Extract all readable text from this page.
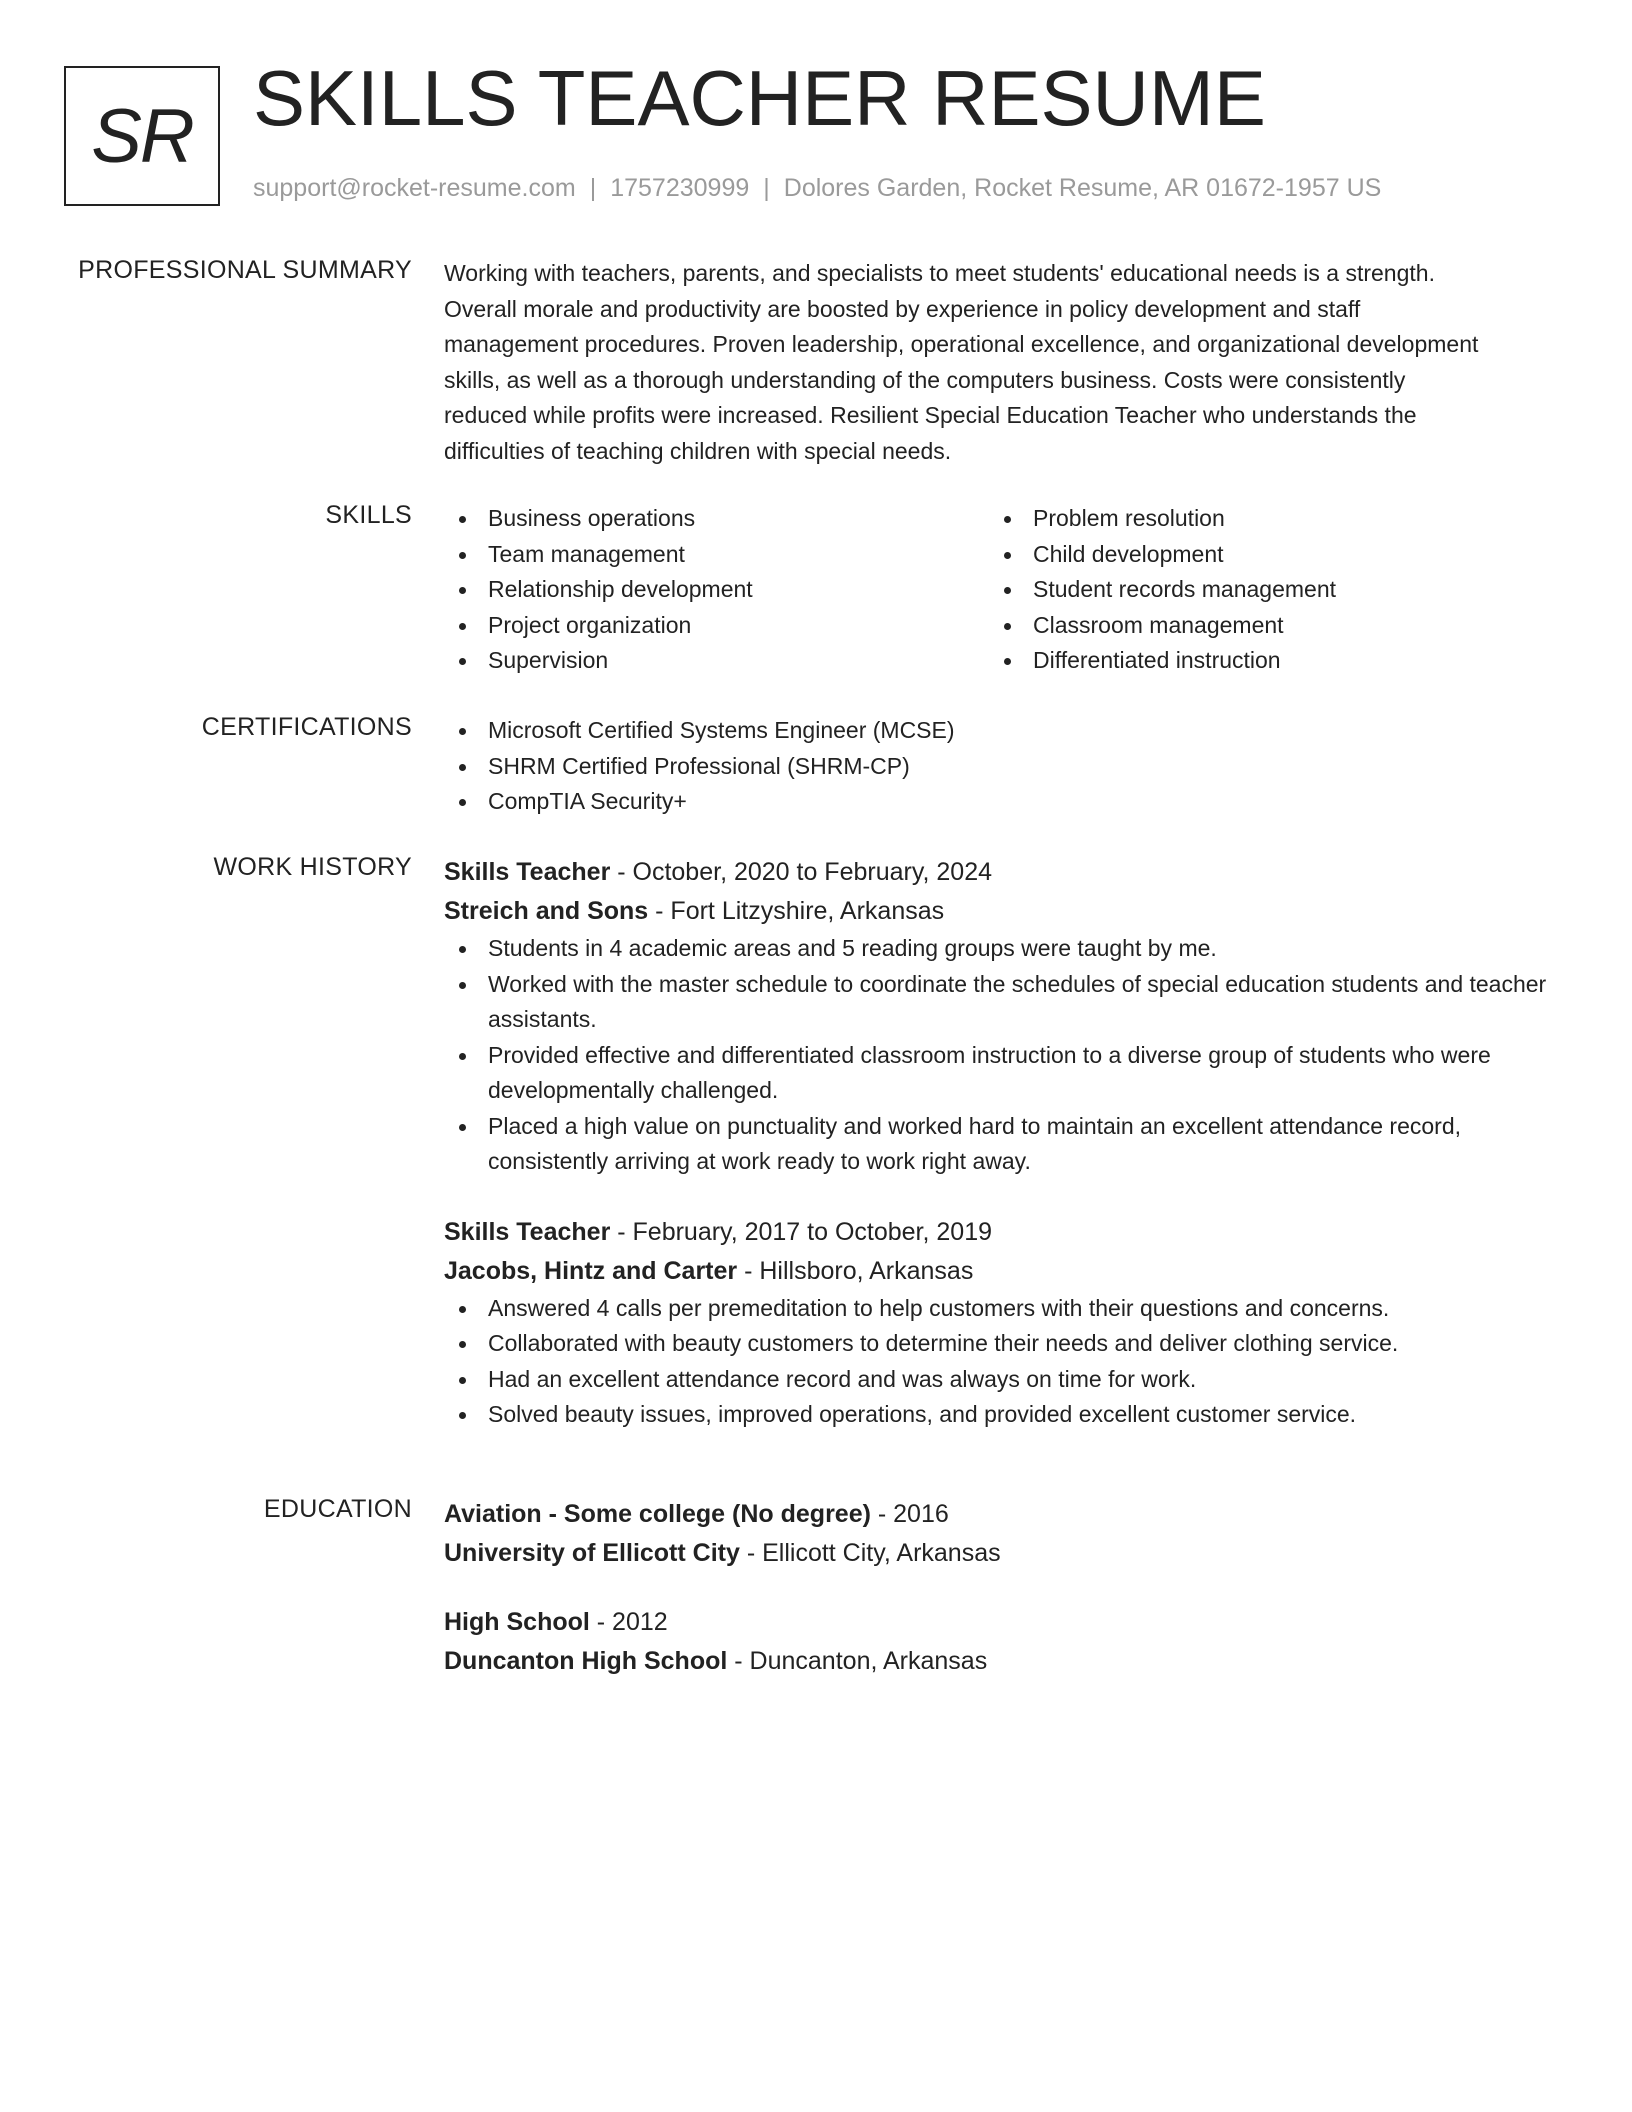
SR SKILLS TEACHER RESUME
support@rocket-resume.com | 1757230999 | Dolores Garden, Rocket Resume, AR 01672-1957 US
PROFESSIONAL SUMMARY Working with teachers, parents, and specialists to meet students' educational needs is a strength.

Overall morale and productivity are boosted by experience in policy development and staff

management procedures. Proven leadership, operational excellence, and organizational development

skills, as well as a thorough understanding of the computers business. Costs were consistently

reduced while profits were increased. Resilient Special Education Teacher who understands the

difficulties of teaching children with special needs.

SKILLS	Business operations
Team management
Relationship development
Project organization
Supervision
Problem resolution
Child development
Student records management
Classroom management
Differentiated instruction
CERTIFICATIONS	Microsoft Certified Systems Engineer (MCSE)
SHRM Certified Professional (SHRM-CP)
CompTIA Security+
WORK HISTORY Skills Teacher - October, 2020 to February, 2024
Streich and Sons - Fort Litzyshire, Arkansas
Students in 4 academic areas and 5 reading groups were taught by me.
Worked with the master schedule to coordinate the schedules of special education students and teacher assistants.
Provided effective and differentiated classroom instruction to a diverse group of students who were developmentally challenged.
Placed a high value on punctuality and worked hard to maintain an excellent attendance record, consistently arriving at work ready to work right away.
Skills Teacher - February, 2017 to October, 2019
Jacobs, Hintz and Carter - Hillsboro, Arkansas
Answered 4 calls per premeditation to help customers with their questions and concerns.
Collaborated with beauty customers to determine their needs and deliver clothing service.
Had an excellent attendance record and was always on time for work.
Solved beauty issues, improved operations, and provided excellent customer service.
EDUCATION Aviation - Some college (No degree) - 2016
University of Ellicott City - Ellicott City, Arkansas
High School - 2012
Duncanton High School - Duncanton, Arkansas
